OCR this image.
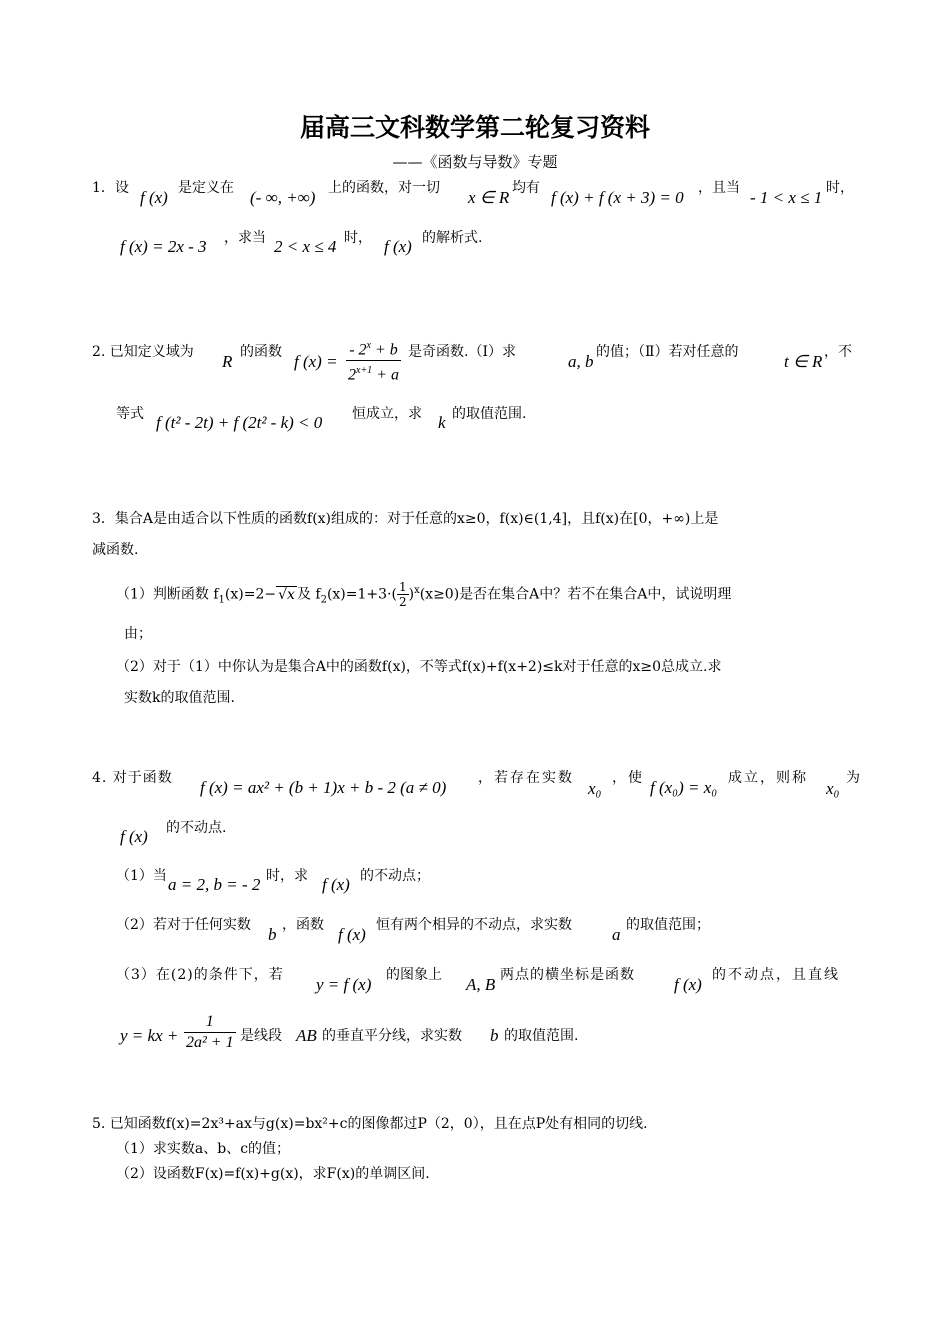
届高三文科数学第二轮复习资料
——《函数与导数》专题
1．设 f (x) 是定义在 (- ∞, +∞) 上的函数，对一切 x ∈ R 均有 f (x) + f (x + 3) = 0 ，且当 - 1 < x ≤ 1 时，
f (x) = 2x - 3 ，求当 2 < x ≤ 4 时， f (x) 的解析式.
2. 已知定义域为 R 的函数 f $(x) = \frac{- 2^x + b}{2^{x+1} + a}$ 是奇函数.（Ⅰ）求	a, b 的值；（Ⅱ）若对任意的	t ∈ R ，不
等式 f (t² - 2t) + f (2t² - k) < 0 恒成立，求 k 的取值范围.
3．集合A是由适合以下性质的函数f(x)组成的：对于任意的x≥0，f(x)∈(1,4]，且f(x)在[0，+∞)上是
减函数.
（1）判断函数 $f_1(x)=2- √x$ 及 $f_2(x)=1+3\cdot( \frac{1}{2} )^x(x\ge 0)$是否在集合A中？若不在集合A中，试说明理
由；
（2）对于（1）中你认为是集合A中的函数f(x)，不等式f(x)+f(x+2)≤k对于任意的x≥0总成立.求
实数k的取值范围.
4. 对于函数 f (x) = ax² + (b + 1)x + b - 2 (a ≠ 0) ，若存在实数
x₀
，使 f (x₀) = x₀ 成立，则称
x₀
为
f (x) 的不动点.
（1）当 a = 2, b = - 2 时，求 f (x) 的不动点；
（2）若对于任何实数 b ，函数 f (x) 恒有两个相异的不动点，求实数 a 的取值范围；
（3）在(2)的条件下，若 y = f (x) 的图象上 A, B 两点的横坐标是函数 f (x) 的不动点，且直线
y = kx + $\frac{1}{\text{2a² + 1}}$ 是线段 AB 的垂直平分线，求实数 b 的取值范围.
5. 已知函数f(x)=2x³+ax与g(x)=bx²+c的图像都过P（2，0），且在点P处有相同的切线.
（1）求实数a、b、c的值；
（2）设函数F(x)=f(x)+g(x)，求F(x)的单调区间.
